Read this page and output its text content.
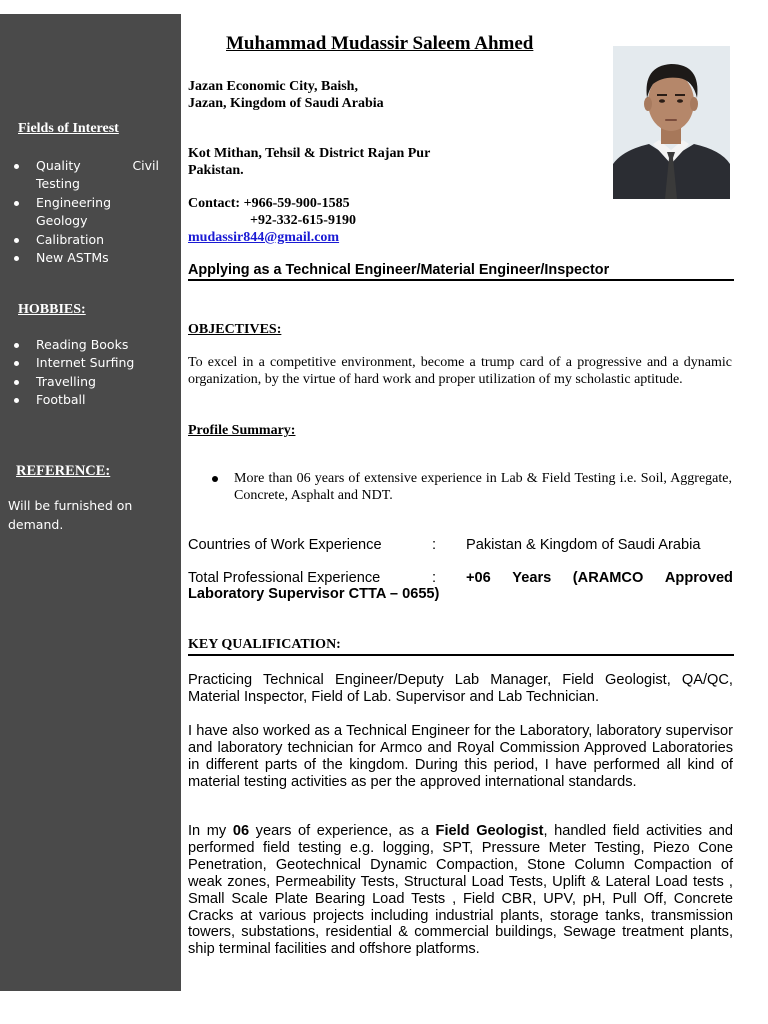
Fields of Interest
Quality	Civil
Testing
Engineering
Geology
Calibration
New ASTMs
HOBBIES:
Reading Books
Internet Surfing
Travelling
Football
REFERENCE:
Will be furnished on demand.
Muhammad Mudassir Saleem Ahmed
Jazan Economic City, Baish,
Jazan, Kingdom of Saudi Arabia
Kot Mithan, Tehsil & District Rajan Pur
Pakistan.
Contact: +966-59-900-1585
+92-332-615-9190
mudassir844@gmail.com
Applying as a Technical Engineer/Material Engineer/Inspector
OBJECTIVES:
To excel in a competitive environment, become a trump card of a progressive and a dynamic organization, by the virtue of hard work and proper utilization of my scholastic aptitude.
Profile Summary:
More than 06 years of extensive experience in Lab & Field Testing i.e. Soil, Aggregate, Concrete, Asphalt and NDT.
Countries of Work Experience	: Pakistan & Kingdom of Saudi Arabia
Total Professional Experience	:	+06 Years (ARAMCO Approved
Laboratory Supervisor CTTA – 0655)
KEY QUALIFICATION:
Practicing Technical Engineer/Deputy Lab Manager, Field Geologist, QA/QC, Material Inspector, Field of Lab. Supervisor and Lab Technician.
I have also worked as a Technical Engineer for the Laboratory, laboratory supervisor and laboratory technician for Armco and Royal Commission Approved Laboratories in different parts of the kingdom. During this period, I have performed all kind of material testing activities as per the approved international standards.
In my 06 years of experience, as a Field Geologist, handled field activities and performed field testing e.g. logging, SPT, Pressure Meter Testing, Piezo Cone Penetration, Geotechnical Dynamic Compaction, Stone Column Compaction of weak zones, Permeability Tests, Structural Load Tests, Uplift & Lateral Load tests , Small Scale Plate Bearing Load Tests , Field CBR, UPV, pH, Pull Off, Concrete Cracks at various projects including industrial plants, storage tanks, transmission towers, substations, residential & commercial buildings, Sewage treatment plants, ship terminal facilities and offshore platforms.
